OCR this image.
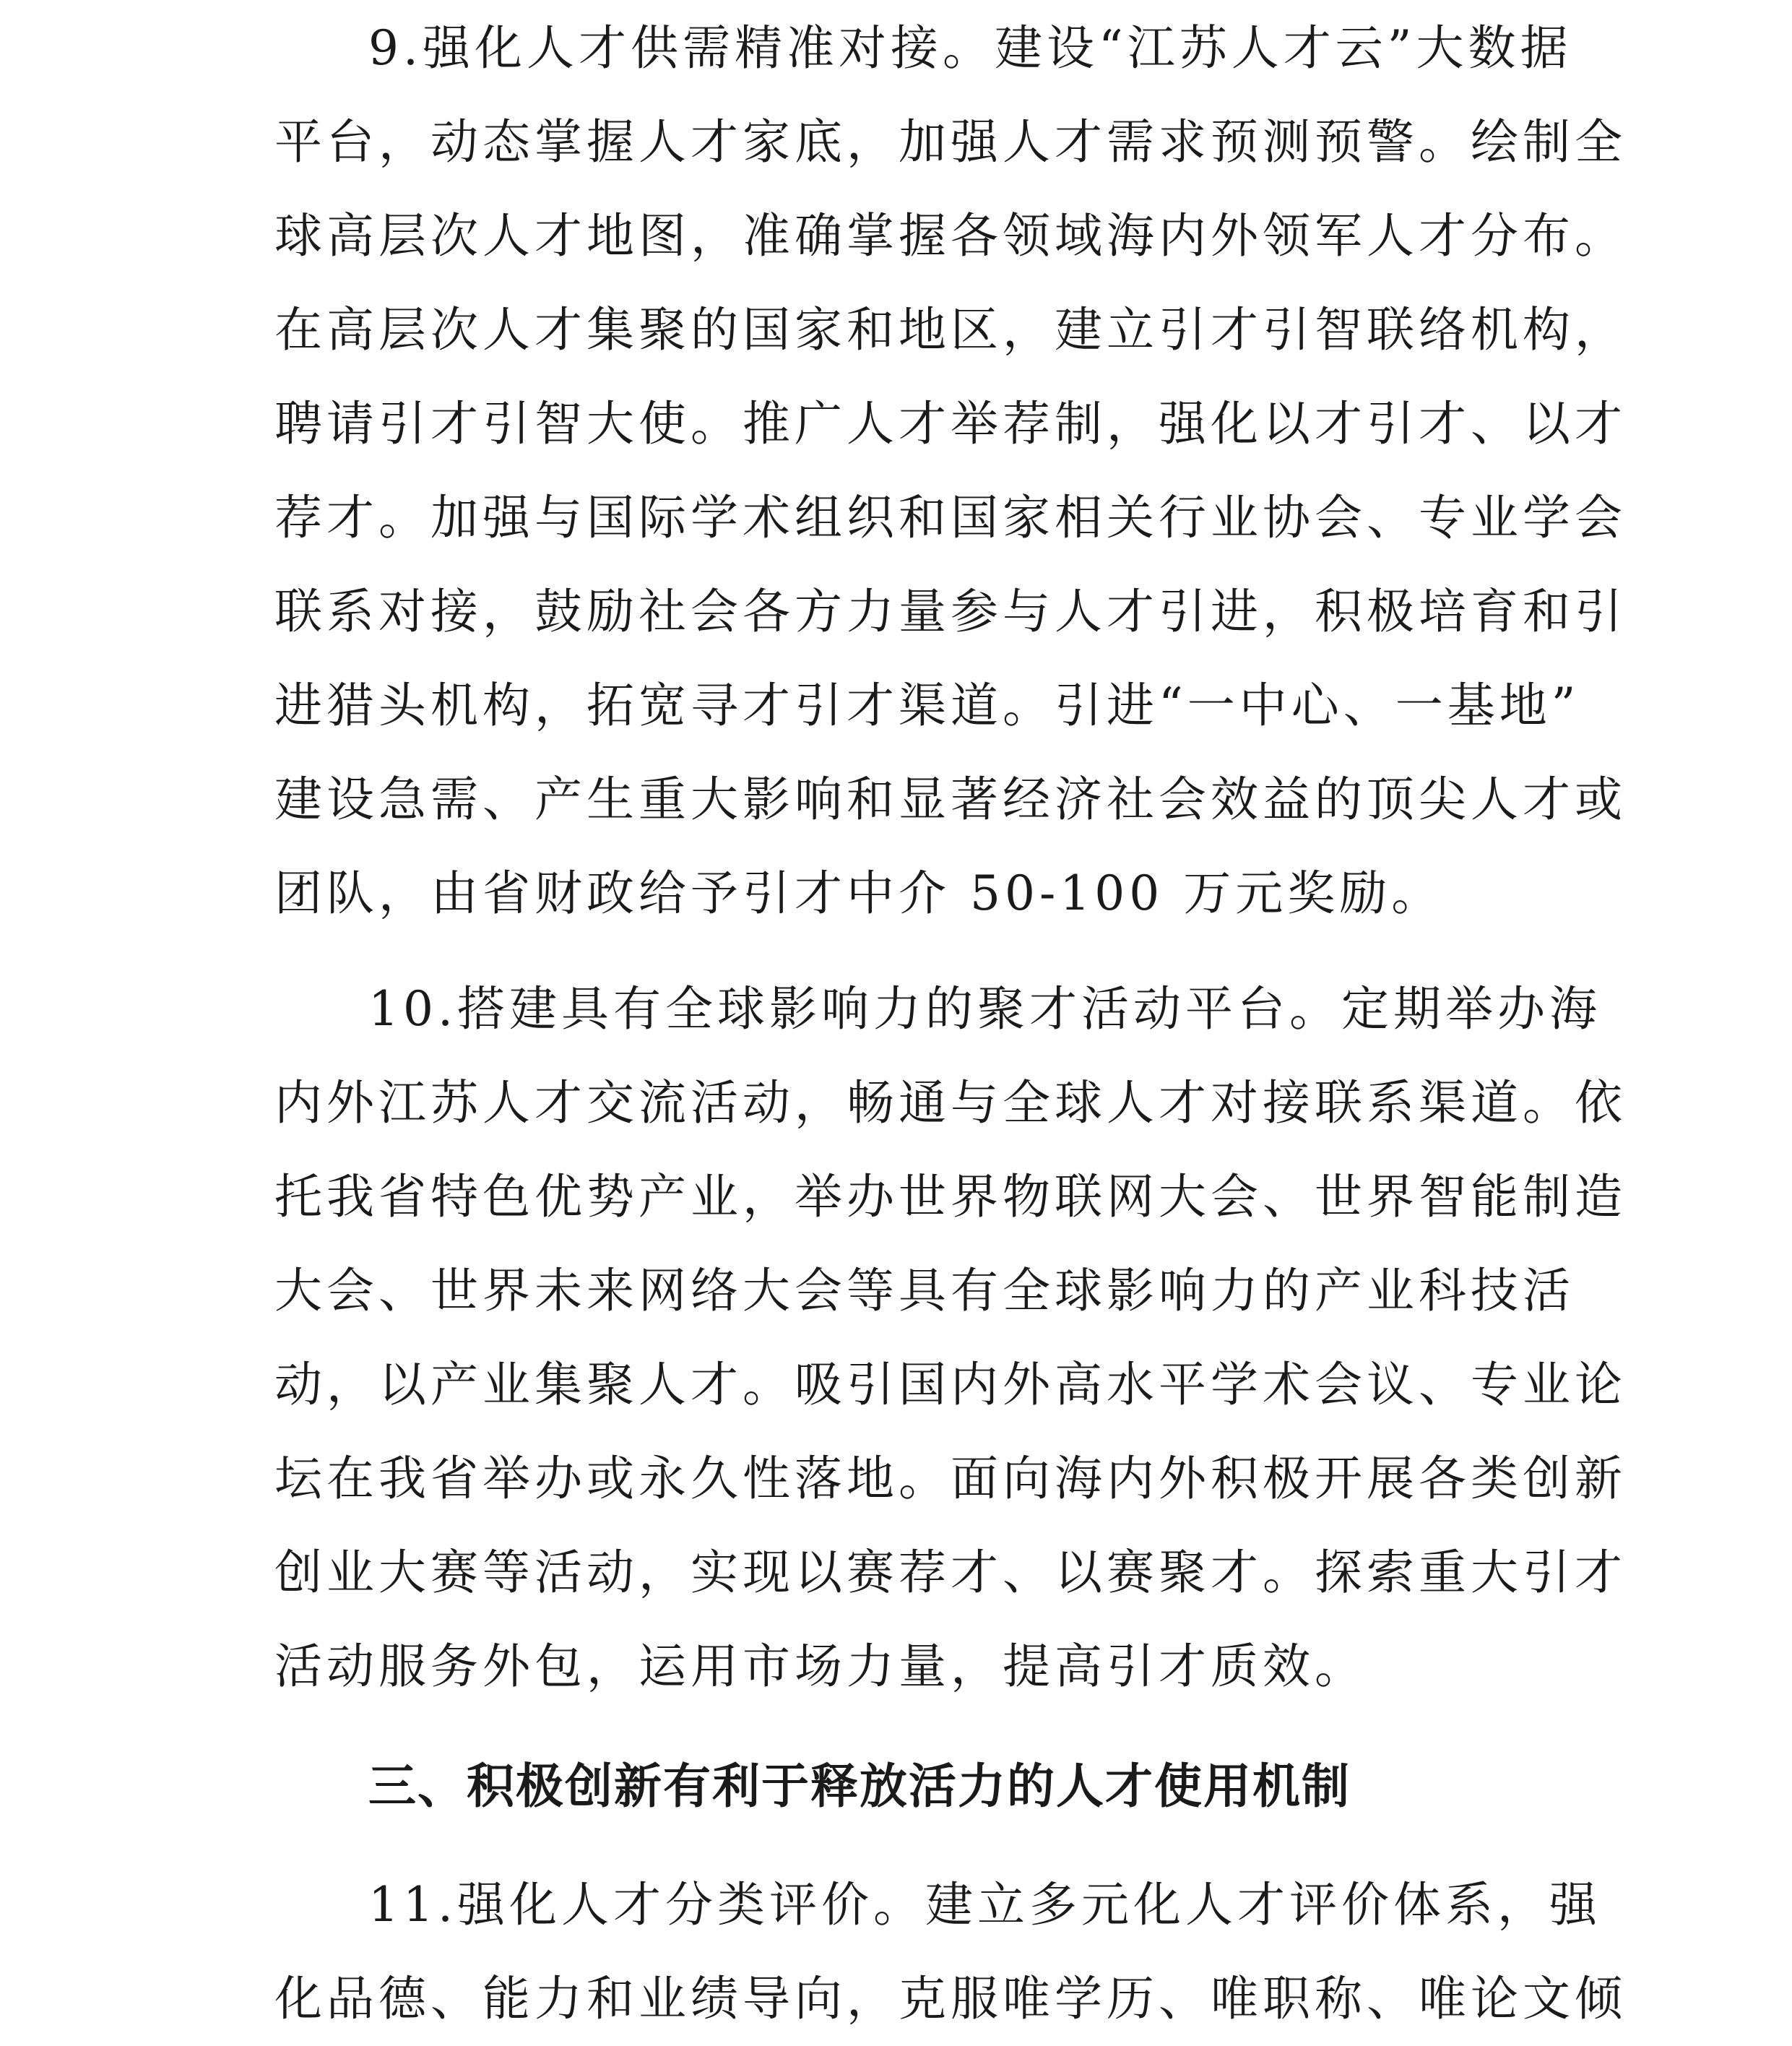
9.强化人才供需精准对接。建设“江苏人才云”大数据
平台，动态掌握人才家底，加强人才需求预测预警。绘制全
球高层次人才地图，准确掌握各领域海内外领军人才分布。
在高层次人才集聚的国家和地区，建立引才引智联络机构，
聘请引才引智大使。推广人才举荐制，强化以才引才、以才
荐才。加强与国际学术组织和国家相关行业协会、专业学会
联系对接，鼓励社会各方力量参与人才引进，积极培育和引
进猎头机构，拓宽寻才引才渠道。引进“一中心、一基地”
建设急需、产生重大影响和显著经济社会效益的顶尖人才或
团队，由省财政给予引才中介 50-100 万元奖励。
10.搭建具有全球影响力的聚才活动平台。定期举办海
内外江苏人才交流活动，畅通与全球人才对接联系渠道。依
托我省特色优势产业，举办世界物联网大会、世界智能制造
大会、世界未来网络大会等具有全球影响力的产业科技活
动，以产业集聚人才。吸引国内外高水平学术会议、专业论
坛在我省举办或永久性落地。面向海内外积极开展各类创新
创业大赛等活动，实现以赛荐才、以赛聚才。探索重大引才
活动服务外包，运用市场力量，提高引才质效。
三、积极创新有利于释放活力的人才使用机制
11.强化人才分类评价。建立多元化人才评价体系，强
化品德、能力和业绩导向，克服唯学历、唯职称、唯论文倾
